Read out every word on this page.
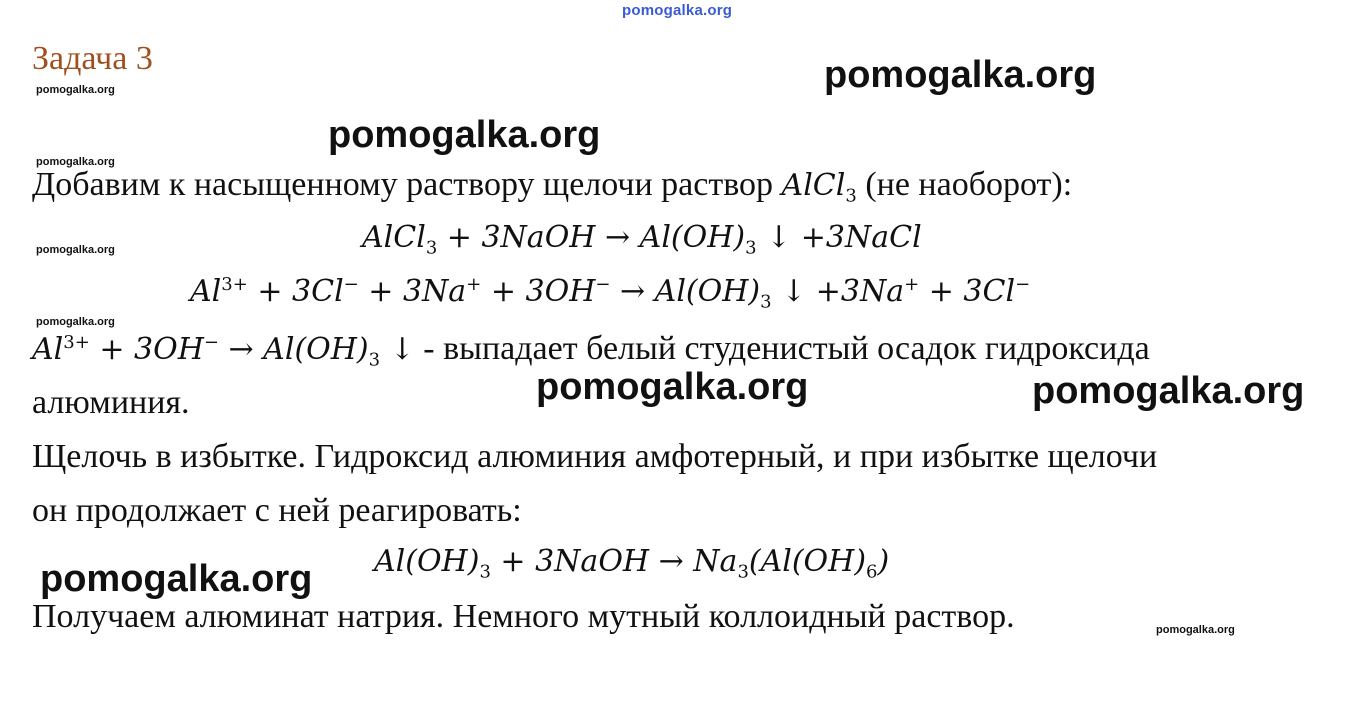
pomogalka.org
Задача 3
pomogalka.org
pomogalka.org
pomogalka.org
pomogalka.org
pomogalka.org
pomogalka.org
pomogalka.org
pomogalka.org	pomogalka.org
pomogalka.org
Добавим к насыщенному раствору щелочи раствор AlCl$_3$ (не наоборот):
AlCl$_3$ + 3NaOH → $Al(OH)_3$ ↓ +3NaCl
$Al^{3+} + 3Cl^- + 3Na^+ + 3OH^- \to Al(OH)_3$ ↓ +3Na+ + 3Cl−
$Al^{3+} + 3OH^- \to Al(OH)_3$ ↓ - выпадает белый студенистый осадок гидроксида
алюминия.
Щелочь в избытке. Гидроксид алюминия амфотерный, и при избытке щелочи
он продолжает с ней реагировать:
$Al(OH)_3$ + 3NaOH → $Na_3(Al(OH)_6)$
Получаем алюминат натрия. Немного мутный коллоидный раствор.
